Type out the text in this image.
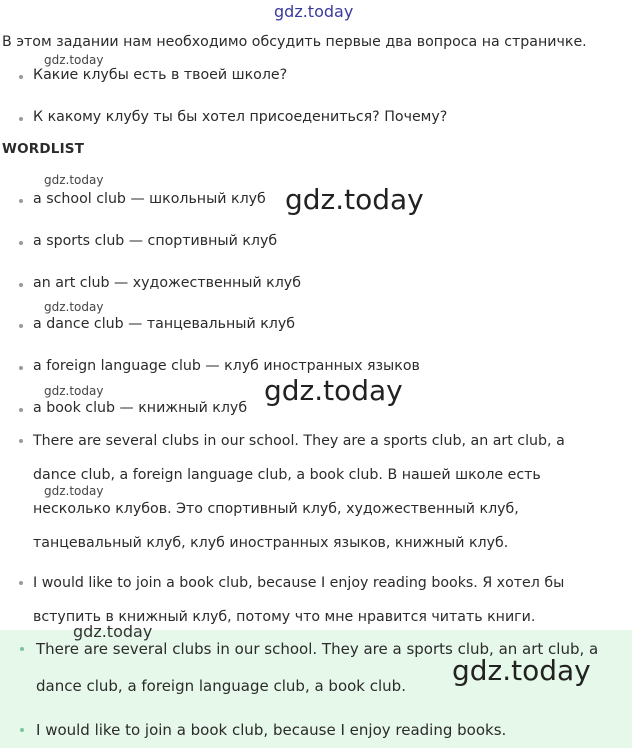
gdz.today
В этом задании нам необходимо обсудить первые два вопроса на страничке.
gdz.today
Какие клубы есть в твоей школе?
К какому клубу ты бы хотел присоедениться? Почему?
WORDLIST
gdz.today
gdz.today
gdz.today
gdz.today	gdz.today
a school club — школьный клуб
a sports club — спортивный клуб
an art club — художественный клуб
a dance club — танцевальный клуб
a foreign language club — клуб иностранных языков
a book club — книжный клуб
gdz.today
There are several clubs in our school. They are a sports club, an art club, a dance club, a foreign language club, a book club. В нашей школе есть несколько клубов. Это спортивный клуб, художественный клуб, танцевальный клуб, клуб иностранных языков, книжный клуб.
I would like to join a book club, because I enjoy reading books. Я хотел бы вступить в книжный клуб, потому что мне нравится читать книги.
gdz.today
gdz.today
There are several clubs in our school. They are a sports club, an art club, a dance club, a foreign language club, a book club.
I would like to join a book club, because I enjoy reading books.
